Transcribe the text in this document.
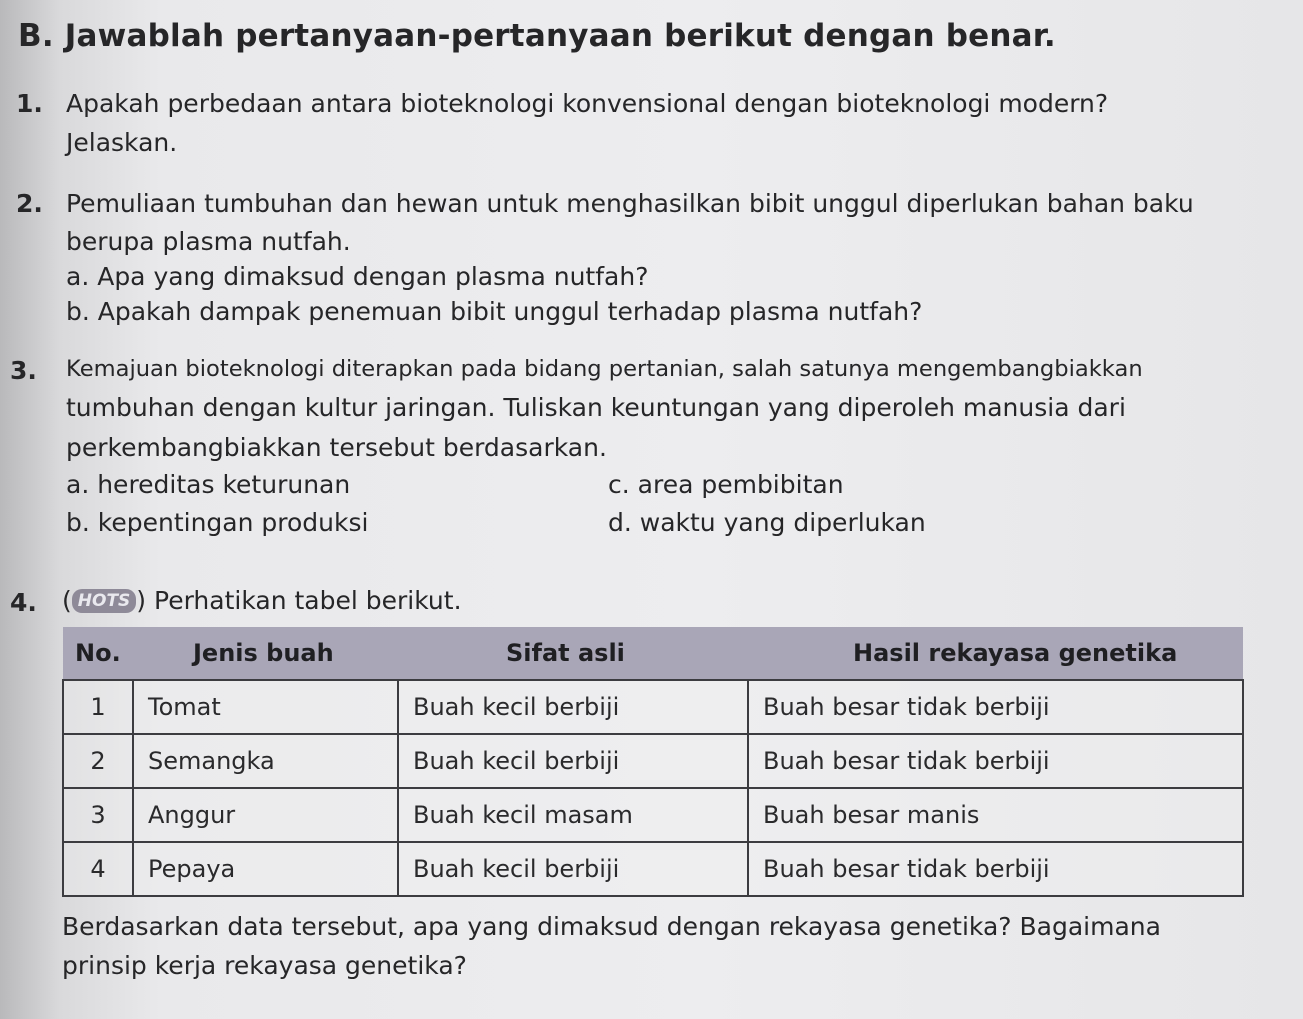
B. Jawablah pertanyaan-pertanyaan berikut dengan benar.
1. Apakah perbedaan antara bioteknologi konvensional dengan bioteknologi modern?
Jelaskan.
2. Pemuliaan tumbuhan dan hewan untuk menghasilkan bibit unggul diperlukan bahan baku
berupa plasma nutfah.
a. Apa yang dimaksud dengan plasma nutfah?
b. Apakah dampak penemuan bibit unggul terhadap plasma nutfah?
3. Kemajuan bioteknologi diterapkan pada bidang pertanian, salah satunya mengembangbiakkan
tumbuhan dengan kultur jaringan. Tuliskan keuntungan yang diperoleh manusia dari
perkembangbiakkan tersebut berdasarkan.
a. hereditas keturunan
b. kepentingan produksi
c. area pembibitan
d. waktu yang diperlukan
4. ( HOTS ) Perhatikan tabel berikut.
No.	Jenis buah	Sifat asli	Hasil rekayasa genetika
1	Tomat	Buah kecil berbiji	Buah besar tidak berbiji
2	Semangka	Buah kecil berbiji	Buah besar tidak berbiji
3	Anggur	Buah kecil masam	Buah besar manis
4	Pepaya	Buah kecil berbiji	Buah besar tidak berbiji
Berdasarkan data tersebut, apa yang dimaksud dengan rekayasa genetika? Bagaimana
prinsip kerja rekayasa genetika?
